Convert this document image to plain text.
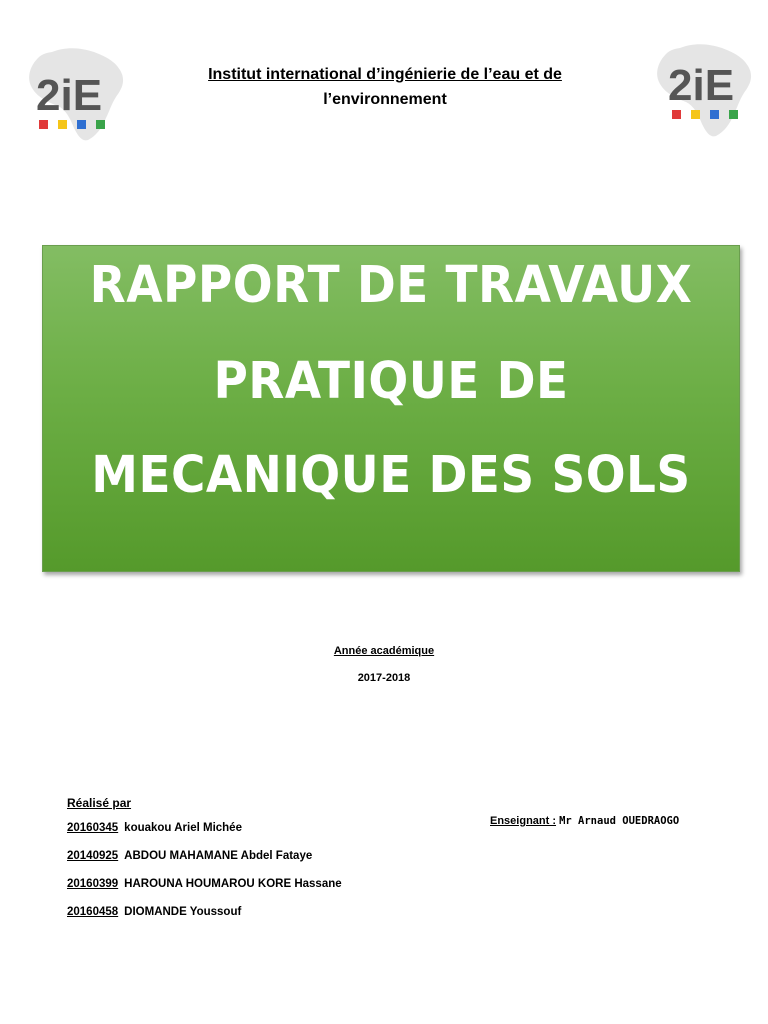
2iE	2iE
Institut international d’ingénierie de l’eau et de
l’environnement
RAPPORT DE TRAVAUX
PRATIQUE DE
MECANIQUE DES SOLS
Année académique
2017-2018
Réalisé par
20160345 kouakou Ariel Michée
20140925 ABDOU MAHAMANE Abdel Fataye
20160399 HAROUNA HOUMAROU KORE Hassane
20160458 DIOMANDE Youssouf
Enseignant : Mr Arnaud OUEDRAOGO
